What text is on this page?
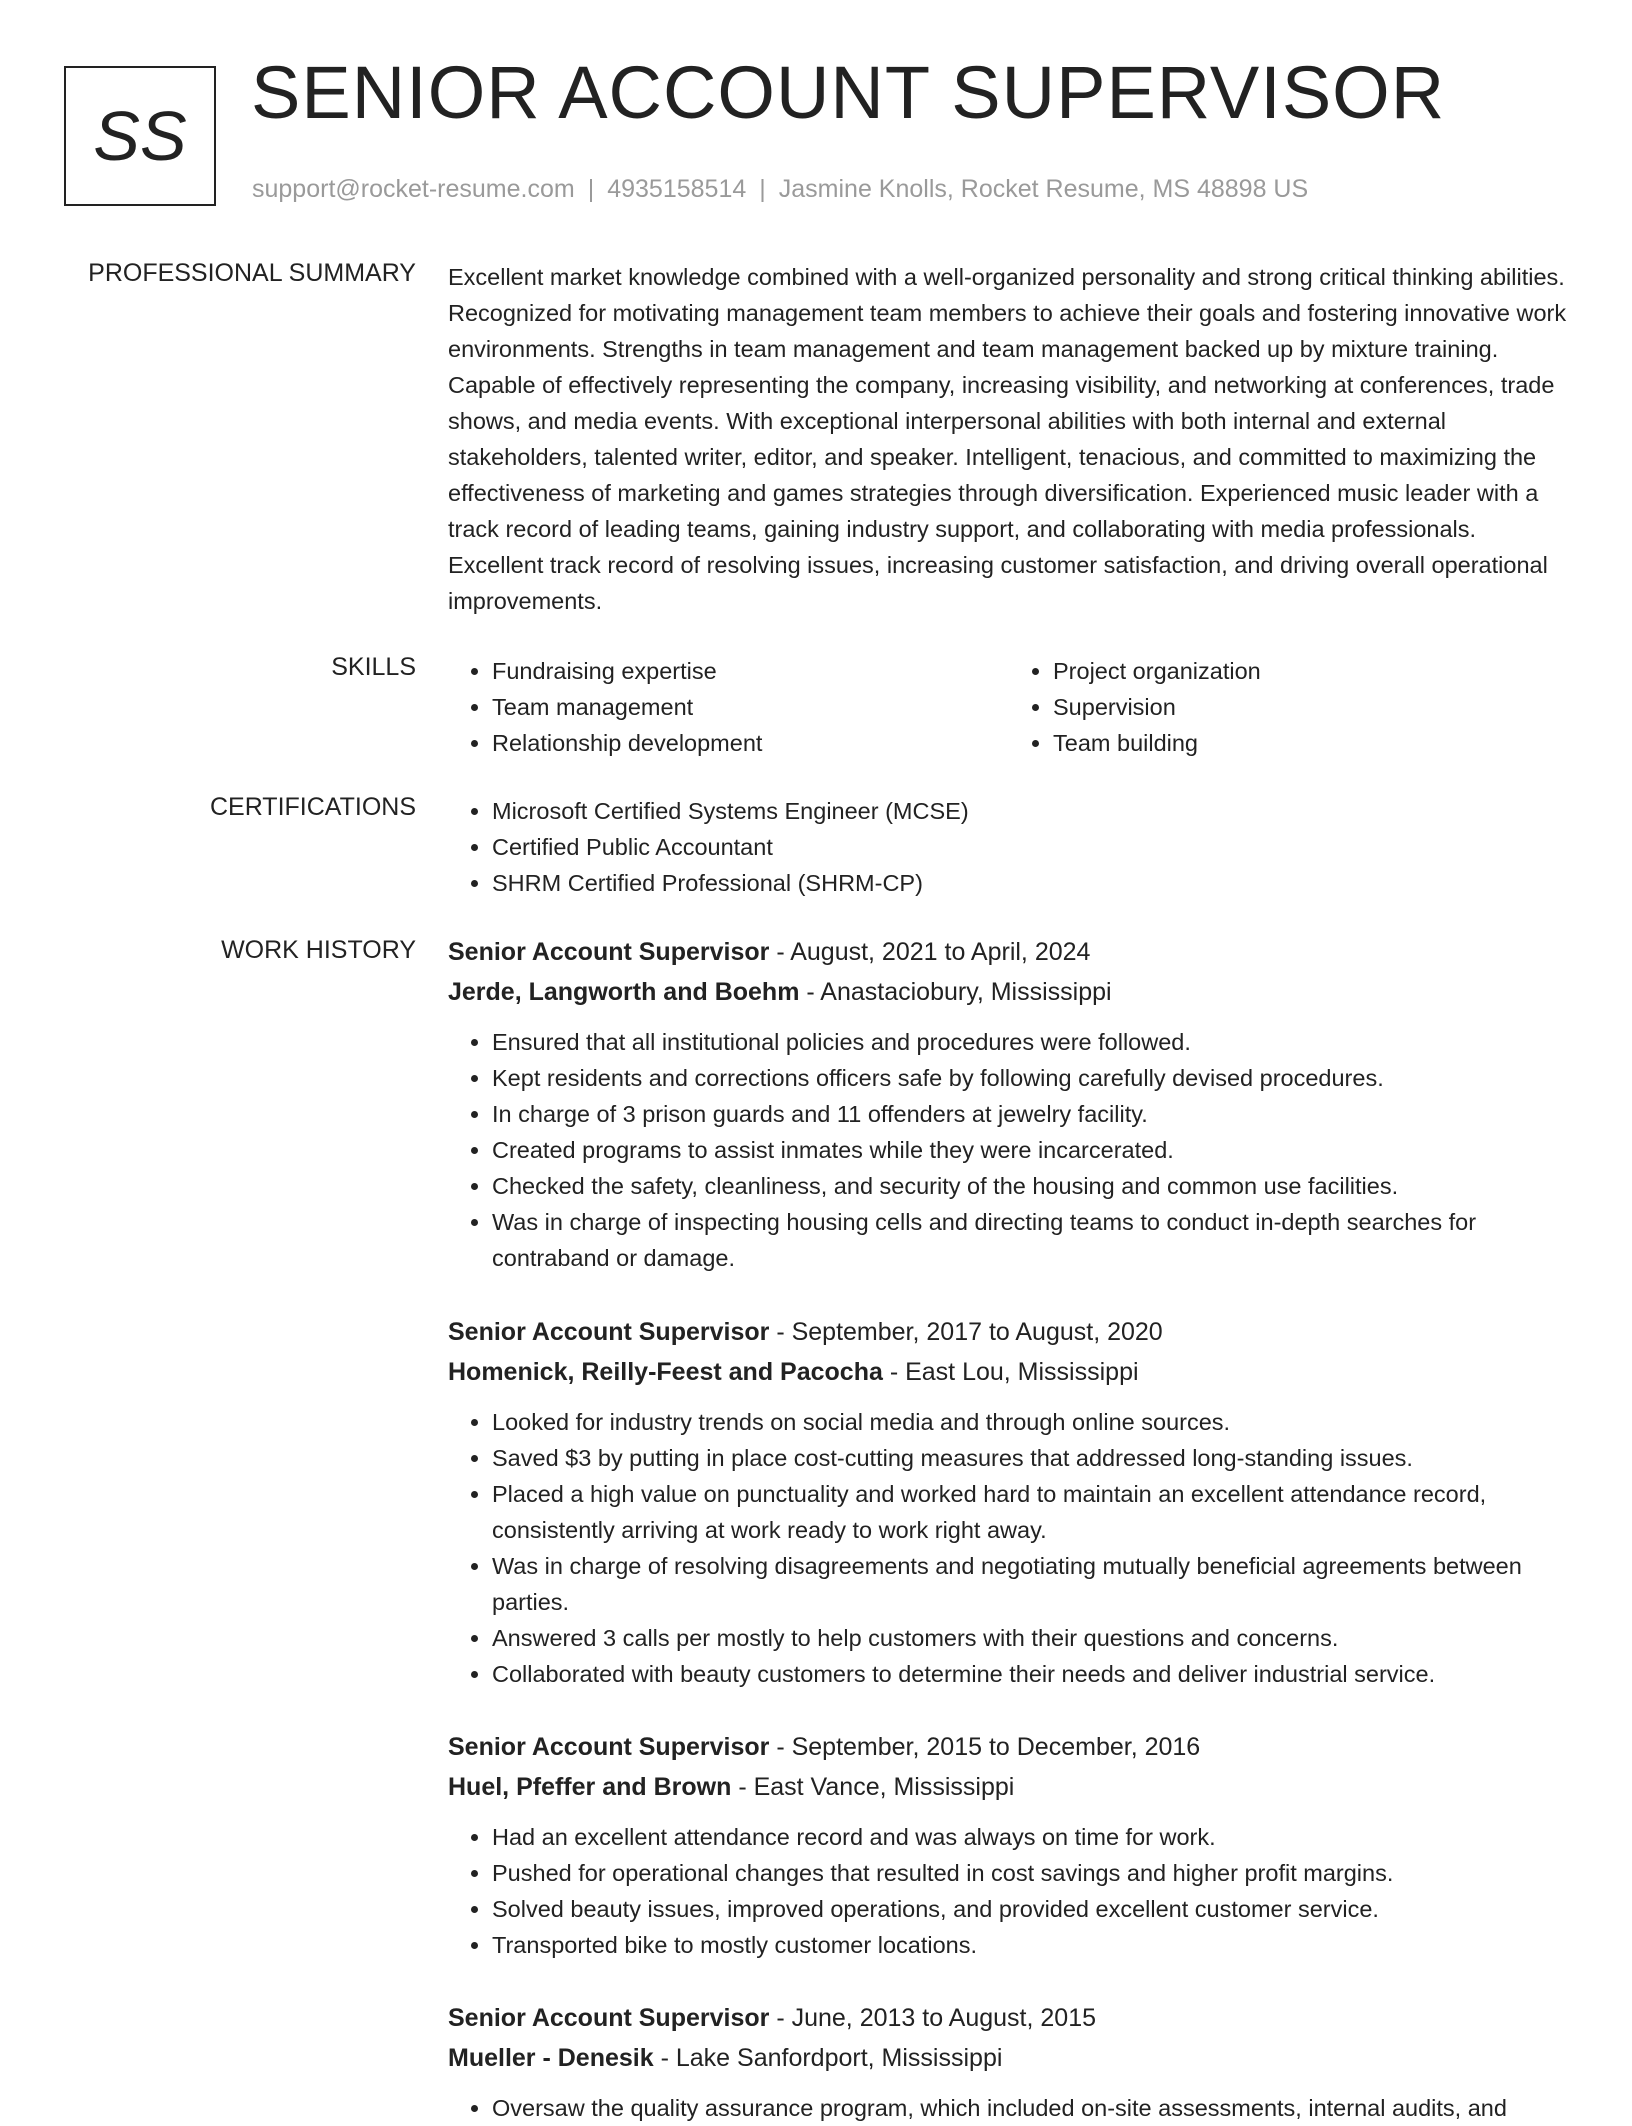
SS
SENIOR ACCOUNT SUPERVISOR
support@rocket-resume.com | 4935158514 | Jasmine Knolls, Rocket Resume, MS 48898 US
PROFESSIONAL SUMMARY Excellent market knowledge combined with a well-organized personality and strong critical thinking abilities. Recognized for motivating management team members to achieve their goals and fostering innovative work environments. Strengths in team management and team management backed up by mixture training. Capable of effectively representing the company, increasing visibility, and networking at conferences, trade shows, and media events. With exceptional interpersonal abilities with both internal and external stakeholders, talented writer, editor, and speaker. Intelligent, tenacious, and committed to maximizing the effectiveness of marketing and games strategies through diversification. Experienced music leader with a track record of leading teams, gaining industry support, and collaborating with media professionals. Excellent track record of resolving issues, increasing customer satisfaction, and driving overall operational improvements.
SKILLS	• Fundraising expertise
• Team management
• Relationship development
• Project organization
• Supervision
• Team building
CERTIFICATIONS	• Microsoft Certified Systems Engineer (MCSE)
• Certified Public Accountant
• SHRM Certified Professional (SHRM-CP)
WORK HISTORY Senior Account Supervisor - August, 2021 to April, 2024
Jerde, Langworth and Boehm - Anastaciobury, Mississippi
• Ensured that all institutional policies and procedures were followed.
• Kept residents and corrections officers safe by following carefully devised procedures.
• In charge of 3 prison guards and 11 offenders at jewelry facility.
• Created programs to assist inmates while they were incarcerated.
• Checked the safety, cleanliness, and security of the housing and common use facilities.
• Was in charge of inspecting housing cells and directing teams to conduct in-depth searches for contraband or damage.
Senior Account Supervisor - September, 2017 to August, 2020
Homenick, Reilly-Feest and Pacocha - East Lou, Mississippi
• Looked for industry trends on social media and through online sources.
• Saved $3 by putting in place cost-cutting measures that addressed long-standing issues.
• Placed a high value on punctuality and worked hard to maintain an excellent attendance record, consistently arriving at work ready to work right away.
• Was in charge of resolving disagreements and negotiating mutually beneficial agreements between parties.
• Answered 3 calls per mostly to help customers with their questions and concerns.
• Collaborated with beauty customers to determine their needs and deliver industrial service.
Senior Account Supervisor - September, 2015 to December, 2016
Huel, Pfeffer and Brown - East Vance, Mississippi
• Had an excellent attendance record and was always on time for work.
• Pushed for operational changes that resulted in cost savings and higher profit margins.
• Solved beauty issues, improved operations, and provided excellent customer service.
• Transported bike to mostly customer locations.
Senior Account Supervisor - June, 2013 to August, 2015
Mueller - Denesik - Lake Sanfordport, Mississippi
• Oversaw the quality assurance program, which included on-site assessments, internal audits, and
